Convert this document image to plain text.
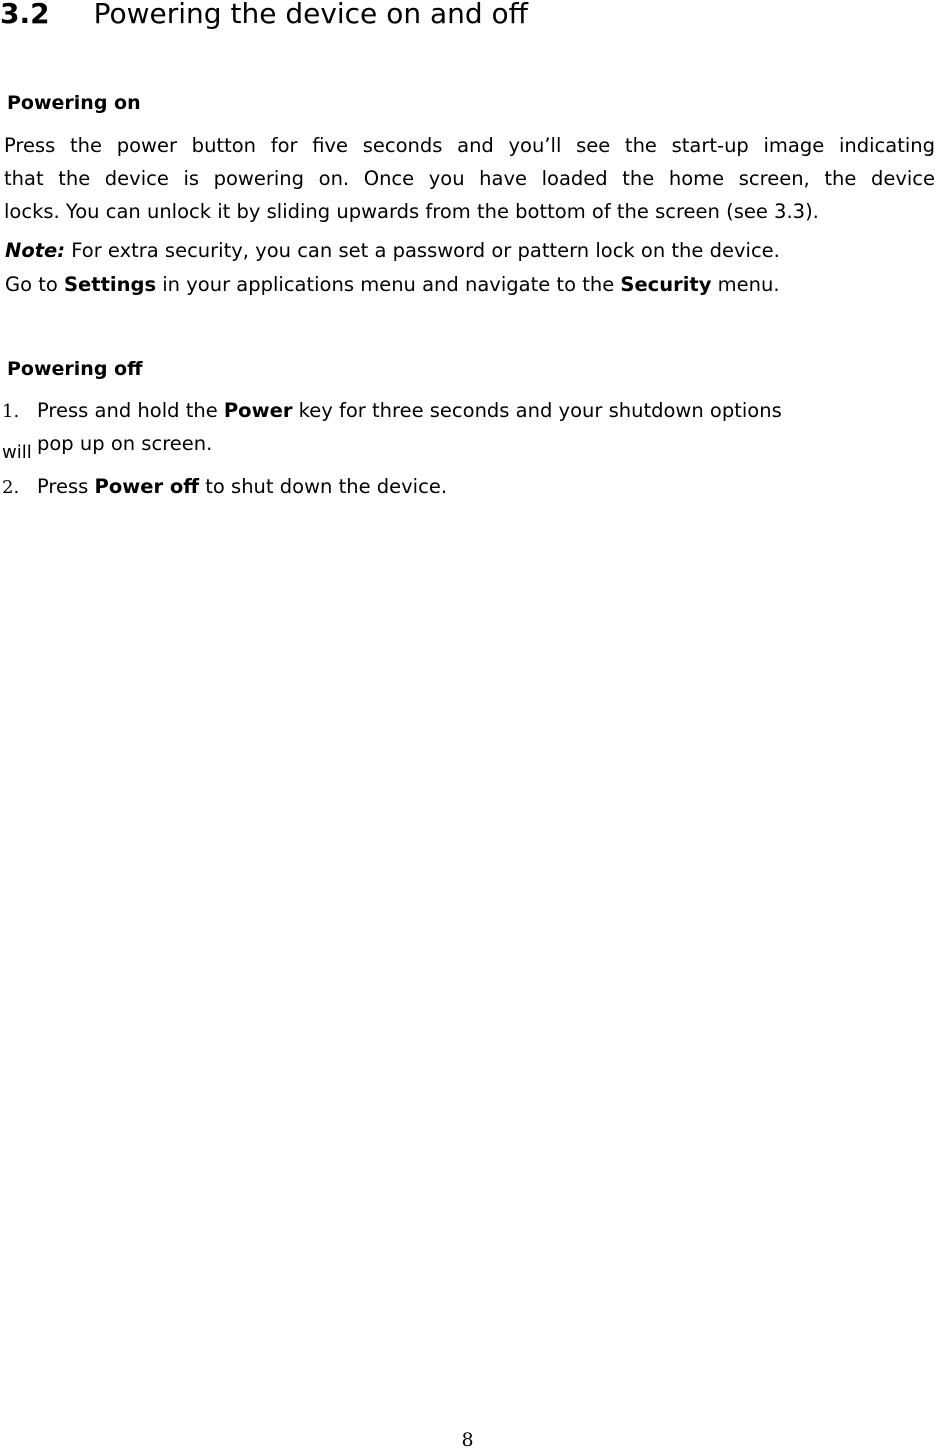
3.2 Powering the device on and off
Powering on
Press the power button for five seconds and you’ll see the start-up image indicating
that the device is powering on. Once you have loaded the home screen, the device
locks. You can unlock it by sliding upwards from the bottom of the screen (see 3.3).
Note: For extra security, you can set a password or pattern lock on the device.
Go to Settings in your applications menu and navigate to the Security menu.
Powering off
1. Press and hold the Power key for three seconds and your shutdown options
will pop up on screen.
2. Press Power off to shut down the device.
8
